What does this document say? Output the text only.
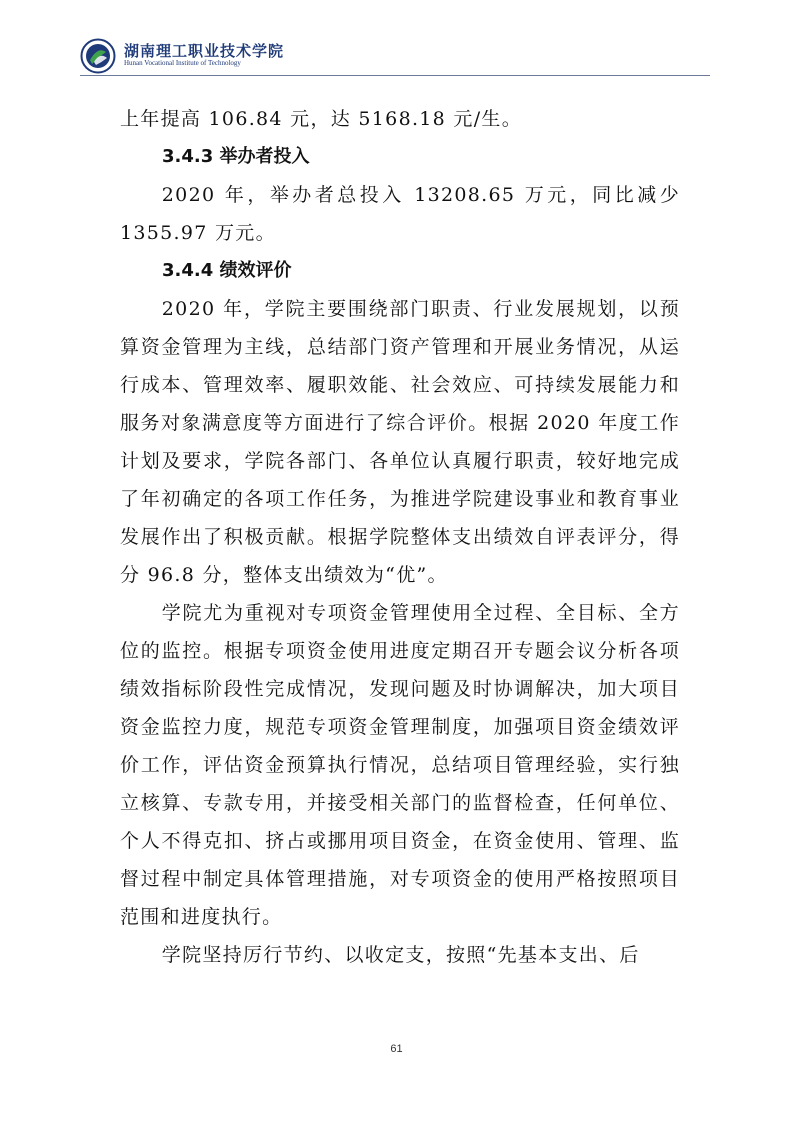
湖南理工职业技术学院
Hunan Vocational Institute of Technology

上年提高 106.84 元，达 5168.18 元/生。

3.4.3 举办者投入

2020 年，举办者总投入 13208.65 万元，同比减少 1355.97 万元。

3.4.4 绩效评价

2020 年，学院主要围绕部门职责、行业发展规划，以预算资金管理为主线，总结部门资产管理和开展业务情况，从运行成本、管理效率、履职效能、社会效应、可持续发展能力和服务对象满意度等方面进行了综合评价。根据 2020 年度工作计划及要求，学院各部门、各单位认真履行职责，较好地完成了年初确定的各项工作任务，为推进学院建设事业和教育事业发展作出了积极贡献。根据学院整体支出绩效自评表评分，得分 96.8 分，整体支出绩效为“优”。

学院尤为重视对专项资金管理使用全过程、全目标、全方位的监控。根据专项资金使用进度定期召开专题会议分析各项绩效指标阶段性完成情况，发现问题及时协调解决，加大项目资金监控力度，规范专项资金管理制度，加强项目资金绩效评价工作，评估资金预算执行情况，总结项目管理经验，实行独立核算、专款专用，并接受相关部门的监督检查，任何单位、个人不得克扣、挤占或挪用项目资金，在资金使用、管理、监督过程中制定具体管理措施，对专项资金的使用严格按照项目范围和进度执行。

学院坚持厉行节约、以收定支，按照“先基本支出、后

61
